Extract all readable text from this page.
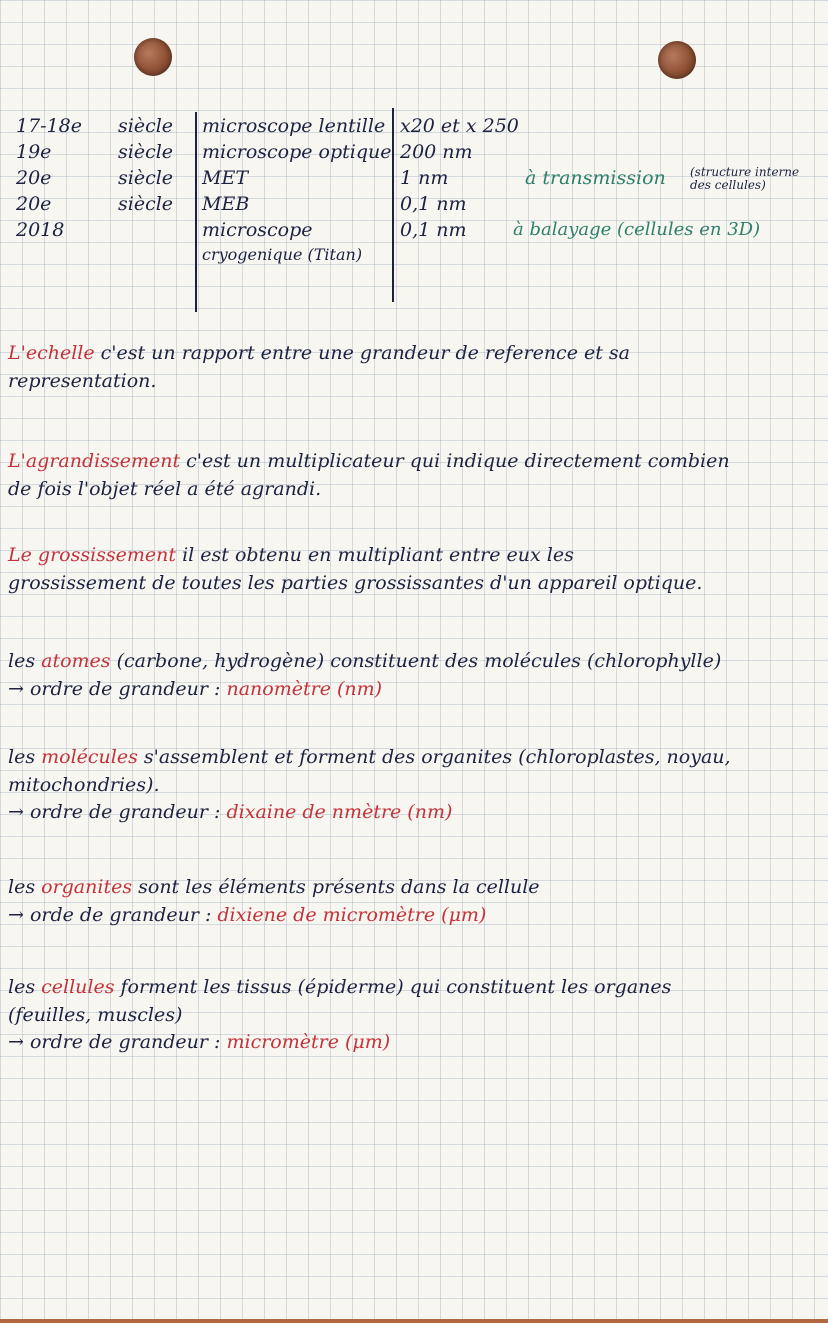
17-18e
19e
20e
20e
2018
siècle
siècle
siècle
siècle
microscope lentille
microscope optique
MET
MEB
microscope
cryogenique (Titan)
x20 et x 250
200 nm
1 nm
0,1 nm
0,1 nm
à transmission
à balayage (cellules en 3D)
(structure interne
des cellules)
L'echelle c'est un rapport entre une grandeur de reference et sa
representation.
L'agrandissement c'est un multiplicateur qui indique directement combien
de fois l'objet réel a été agrandi.
Le grossissement il est obtenu en multipliant entre eux les
grossissement de toutes les parties grossissantes d'un appareil optique.
les atomes (carbone, hydrogène) constituent des molécules (chlorophylle)
→ ordre de grandeur : nanomètre (nm)
les molécules s'assemblent et forment des organites (chloroplastes, noyau,
mitochondries).
→ ordre de grandeur : dixaine de nmètre (nm)
les organites sont les éléments présents dans la cellule
→ orde de grandeur : dixiene de micromètre (μm)
les cellules forment les tissus (épiderme) qui constituent les organes
(feuilles, muscles)
→ ordre de grandeur : micromètre (μm)
